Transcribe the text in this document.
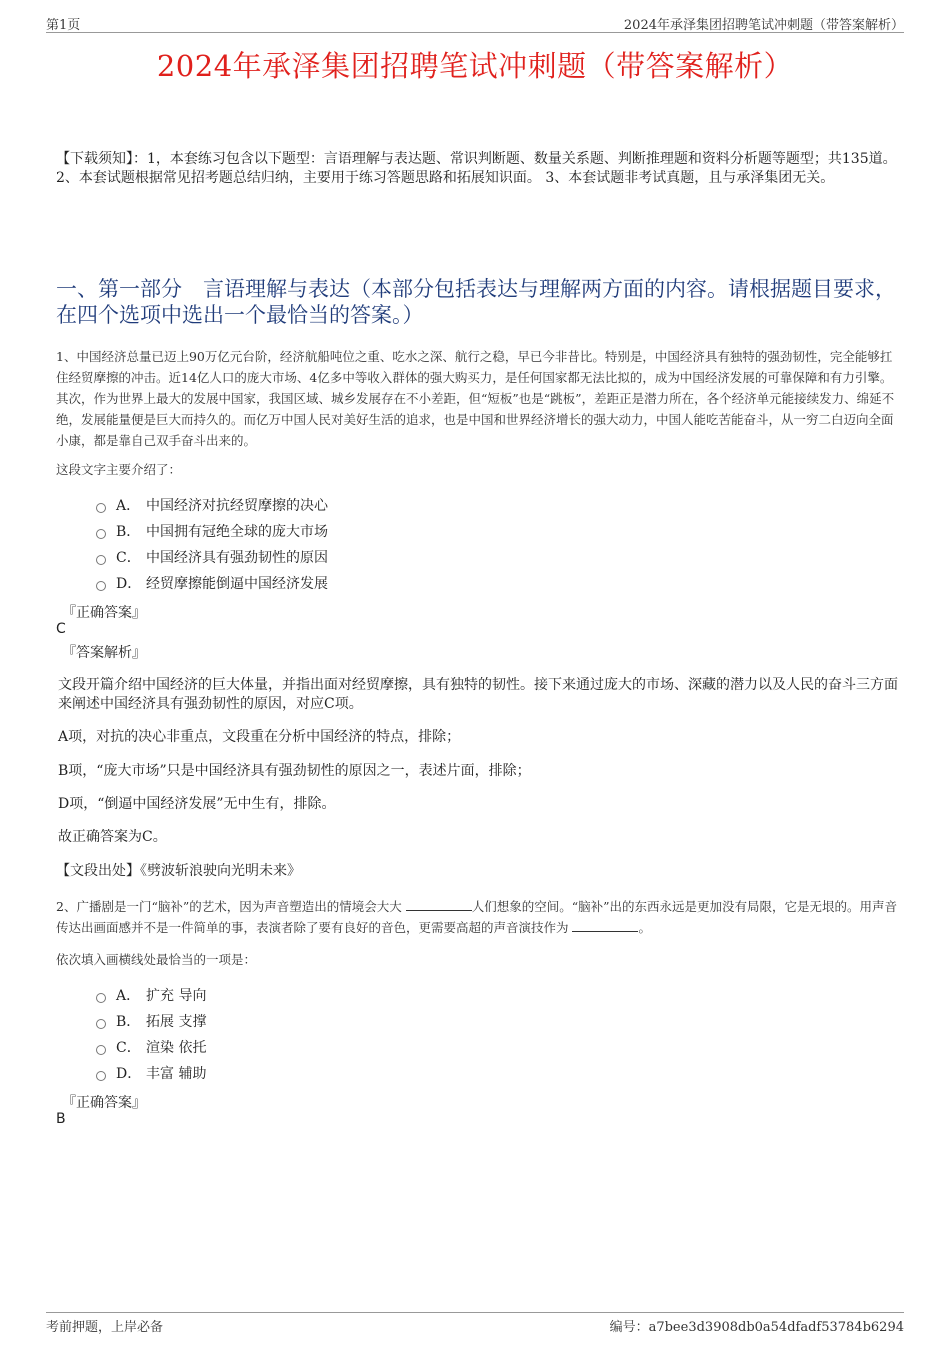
第1页	2024年承泽集团招聘笔试冲刺题（带答案解析）
2024年承泽集团招聘笔试冲刺题（带答案解析）
【下载须知】：1，本套练习包含以下题型：言语理解与表达题、常识判断题、数量关系题、判断推理题和资料分析题等题型；共135道。 2、本套试题根据常见招考题总结归纳，主要用于练习答题思路和拓展知识面。 3、本套试题非考试真题，且与承泽集团无关。
一、第一部分　言语理解与表达（本部分包括表达与理解两方面的内容。请根据题目要求，在四个选项中选出一个最恰当的答案。）
1、中国经济总量已迈上90万亿元台阶，经济航船吨位之重、吃水之深、航行之稳，早已今非昔比。特别是，中国经济具有独特的强劲韧性，完全能够扛住经贸摩擦的冲击。近14亿人口的庞大市场、4亿多中等收入群体的强大购买力，是任何国家都无法比拟的，成为中国经济发展的可靠保障和有力引擎。其次，作为世界上最大的发展中国家，我国区域、城乡发展存在不小差距，但“短板”也是“跳板”，差距正是潜力所在，各个经济单元能接续发力、绵延不绝，发展能量便是巨大而持久的。而亿万中国人民对美好生活的追求，也是中国和世界经济增长的强大动力，中国人能吃苦能奋斗，从一穷二白迈向全面小康，都是靠自己双手奋斗出来的。
这段文字主要介绍了：
A． 中国经济对抗经贸摩擦的决心
B． 中国拥有冠绝全球的庞大市场
C． 中国经济具有强劲韧性的原因
D． 经贸摩擦能倒逼中国经济发展
『正确答案』
C
『答案解析』
文段开篇介绍中国经济的巨大体量，并指出面对经贸摩擦，具有独特的韧性。接下来通过庞大的市场、深藏的潜力以及人民的奋斗三方面来阐述中国经济具有强劲韧性的原因，对应C项。
A项，对抗的决心非重点，文段重在分析中国经济的特点，排除；
B项，“庞大市场”只是中国经济具有强劲韧性的原因之一，表述片面，排除；
D项，“倒逼中国经济发展”无中生有，排除。
故正确答案为C。
【文段出处】《劈波斩浪驶向光明未来》
2、广播剧是一门“脑补”的艺术，因为声音塑造出的情境会大大	人们想象的空间。“脑补”出的东西永远是更加没有局限，它是无垠的。用声音传达出画面感并不是一件简单的事，表演者除了要有良好的音色，更需要高超的声音演技作为	。
依次填入画横线处最恰当的一项是：
A． 扩充 导向
B． 拓展 支撑
C． 渲染 依托
D． 丰富 辅助
『正确答案』
B
考前押题，上岸必备	编号：a7bee3d3908db0a54dfadf53784b6294
